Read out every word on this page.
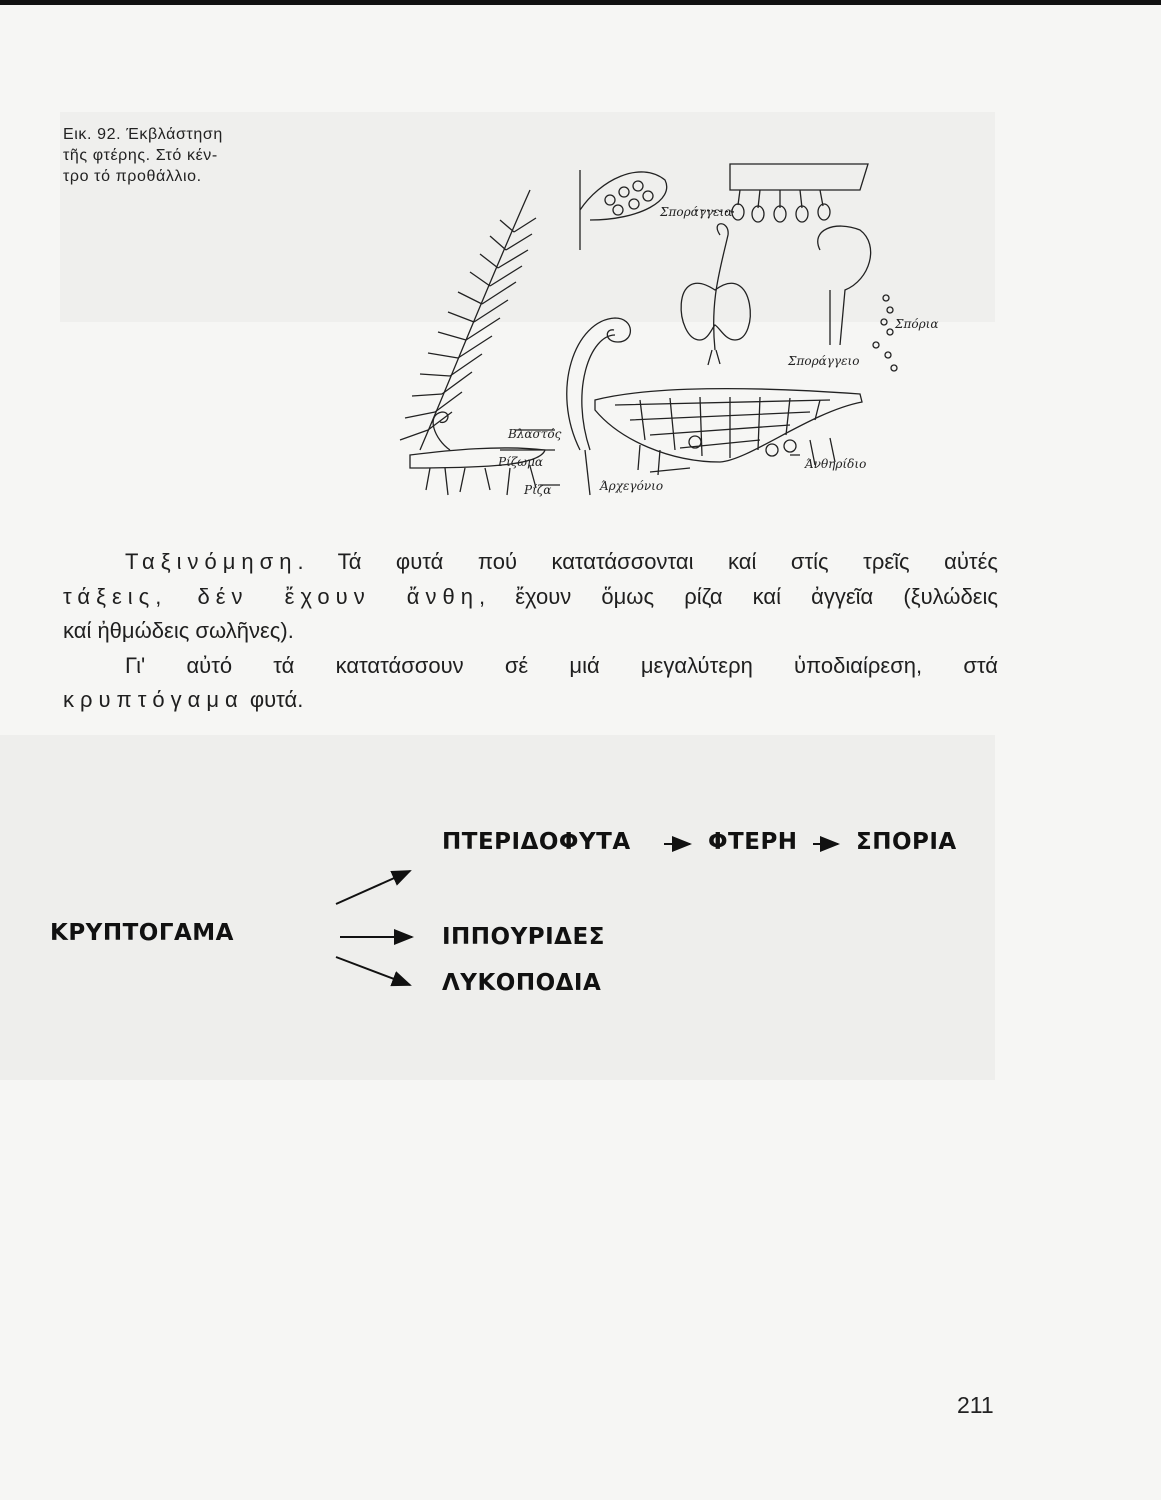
Εικ. 92. Έκβλάστηση
τῆς φτέρης. Στό κέν-
τρο τό προθάλλιο.
Σποράγγεια
Σπόρια
Σποράγγειο
Βλαστός
Ρίζωμα
Ρίζα	Άρχεγόνιο
Άνθηρίδιο

Ταξινόμηση. Τά φυτά πού κατατάσσονται καί στίς τρεῖς αὐτές

τάξεις, δέν ἔχουν ἄνθη, ἔχουν ὅμως ρίζα καί ἀγγεῖα (ξυλώδεις

καί ἠθμώδεις σωλῆνες).

Γι' αὐτό τά κατατάσσουν σέ μιά μεγαλύτερη ὑποδιαίρεση, στά

κρυπτόγαμα φυτά.

ΚΡΥΠΤΟΓΑΜΑ
ΠΤΕΡΙΔΟΦΥΤΑ	ΦΤΕΡΗ	ΣΠΟΡΙΑ
ΙΠΠΟΥΡΙΔΕΣ
ΛΥΚΟΠΟΔΙΑ
211
